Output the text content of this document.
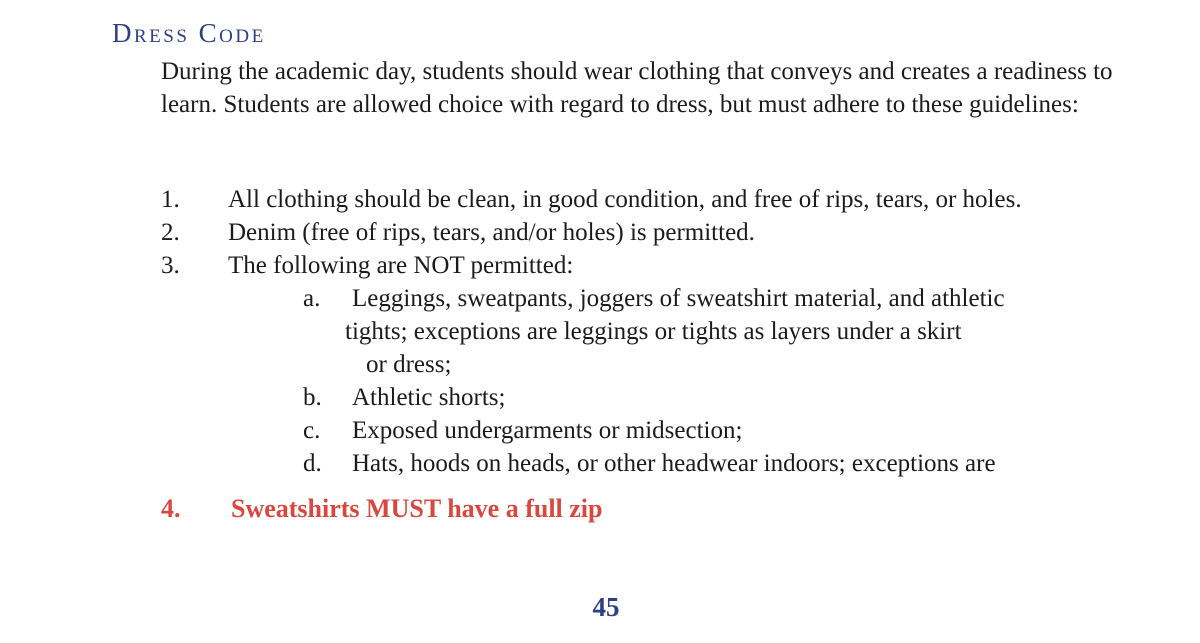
Dress Code
During the academic day, students should wear clothing that conveys and creates a readiness to learn. Students are allowed choice with regard to dress, but must adhere to these guidelines:
1. All clothing should be clean, in good condition, and free of rips, tears, or holes.
2. Denim (free of rips, tears, and/or holes) is permitted.
3. The following are NOT permitted:
a. Leggings, sweatpants, joggers of sweatshirt material, and athletic
tights; exceptions are leggings or tights as layers under a skirt
or dress;
b. Athletic shorts;
c. Exposed undergarments or midsection;
d. Hats, hoods on heads, or other headwear indoors; exceptions are
4. Sweatshirts MUST have a full zip
45
